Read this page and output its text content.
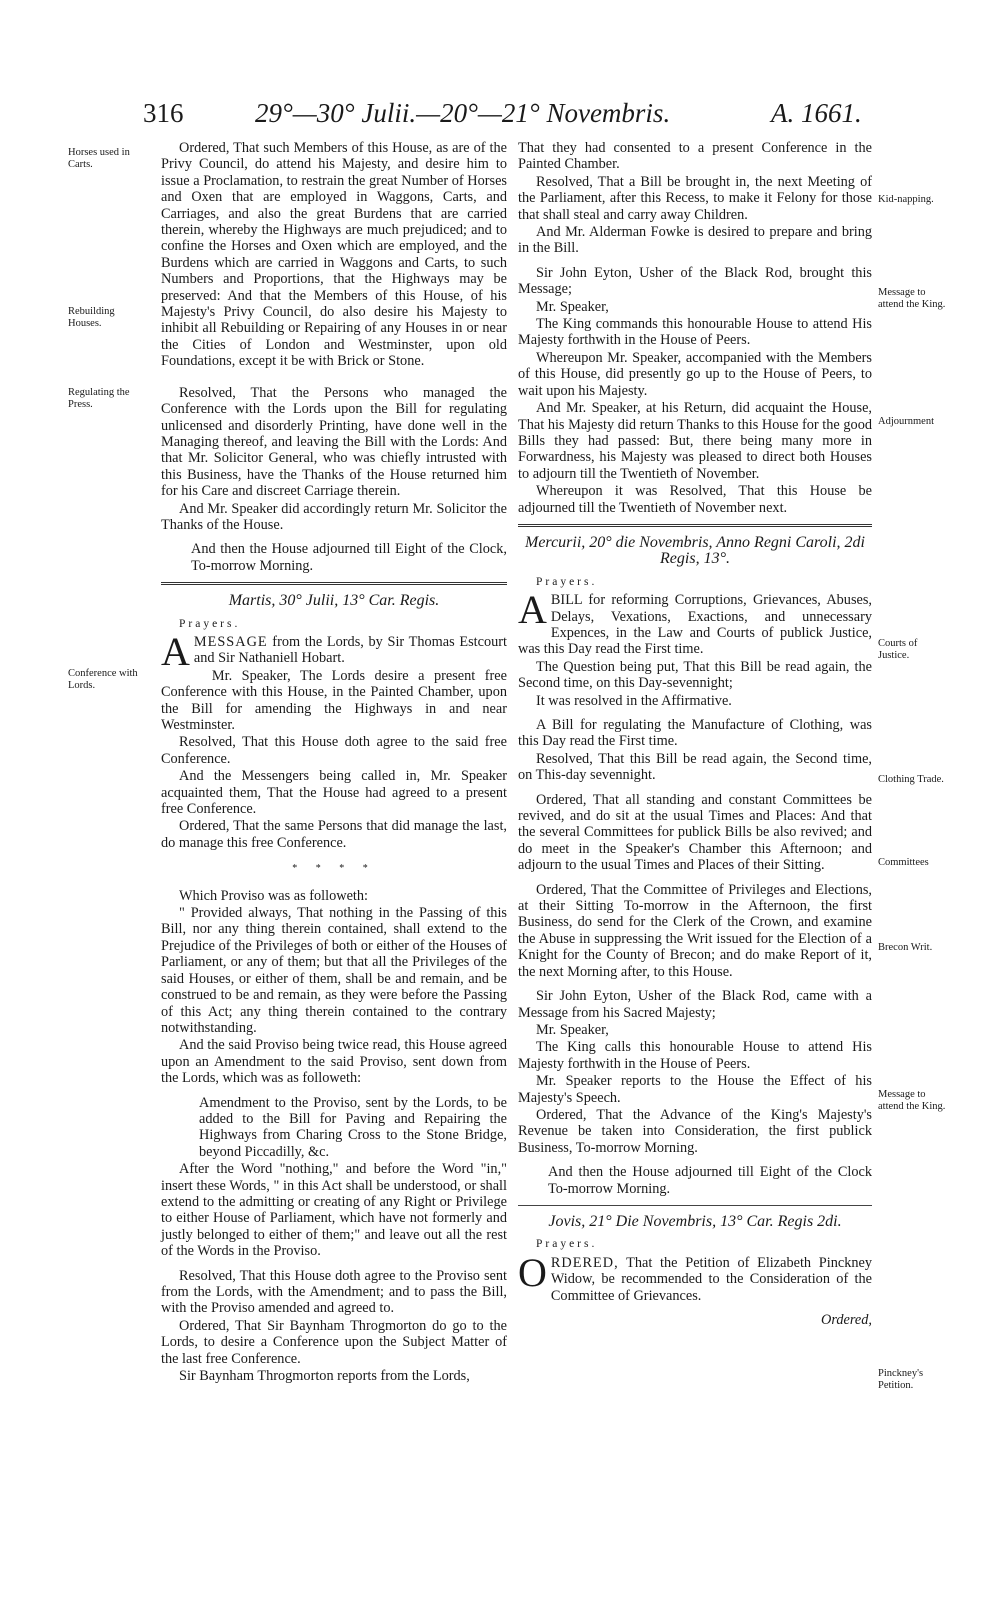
316	29°—30° Julii.—20°—21° Novembris.	A. 1661.
Horses used in Carts.
Rebuilding Houses.
Regulating the Press.
Conference with Lords.
Kid-napping.
Message to attend the King.
Adjournment
Courts of Justice.
Clothing Trade.
Committees
Brecon Writ.
Message to attend the King.
Pinckney's Petition.

Ordered, That such Members of this House, as are of the Privy Council, do attend his Majesty, and desire him to issue a Proclamation, to restrain the great Number of Horses and Oxen that are employed in Waggons, Carts, and Carriages, and also the great Burdens that are carried therein, whereby the Highways are much prejudiced; and to confine the Horses and Oxen which are employed, and the Burdens which are carried in Waggons and Carts, to such Numbers and Proportions, that the Highways may be preserved: And that the Members of this House, of his Majesty's Privy Council, do also desire his Majesty to inhibit all Rebuilding or Repairing of any Houses in or near the Cities of London and Westminster, upon old Foundations, except it be with Brick or Stone.

Resolved, That the Persons who managed the Conference with the Lords upon the Bill for regulating unlicensed and disorderly Printing, have done well in the Managing thereof, and leaving the Bill with the Lords: And that Mr. Solicitor General, who was chiefly intrusted with this Business, have the Thanks of the House returned him for his Care and discreet Carriage therein.

And Mr. Speaker did accordingly return Mr. Solicitor the Thanks of the House.

And then the House adjourned till Eight of the Clock, To-morrow Morning.

Martis, 30° Julii, 13° Car. Regis.

Prayers.

AMESSAGE from the Lords, by Sir Thomas Estcourt and Sir Nathaniell Hobart.

Mr. Speaker, The Lords desire a present free Conference with this House, in the Painted Chamber, upon the Bill for amending the Highways in and near Westminster.

Resolved, That this House doth agree to the said free Conference.

And the Messengers being called in, Mr. Speaker acquainted them, That the House had agreed to a present free Conference.

Ordered, That the same Persons that did manage the last, do manage this free Conference.

* * * *

Which Proviso was as followeth:

" Provided always, That nothing in the Passing of this Bill, nor any thing therein contained, shall extend to the Prejudice of the Privileges of both or either of the Houses of Parliament, or any of them; but that all the Privileges of the said Houses, or either of them, shall be and remain, and be construed to be and remain, as they were before the Passing of this Act; any thing therein contained to the contrary notwithstanding.

And the said Proviso being twice read, this House agreed upon an Amendment to the said Proviso, sent down from the Lords, which was as followeth:

Amendment to the Proviso, sent by the Lords, to be added to the Bill for Paving and Repairing the Highways from Charing Cross to the Stone Bridge, beyond Piccadilly, &c.

After the Word "nothing," and before the Word "in," insert these Words, " in this Act shall be understood, or shall extend to the admitting or creating of any Right or Privilege to either House of Parliament, which have not formerly and justly belonged to either of them;" and leave out all the rest of the Words in the Proviso.

Resolved, That this House doth agree to the Proviso sent from the Lords, with the Amendment; and to pass the Bill, with the Proviso amended and agreed to.

Ordered, That Sir Baynham Throgmorton do go to the Lords, to desire a Conference upon the Subject Matter of the last free Conference.

Sir Baynham Throgmorton reports from the Lords,

That they had consented to a present Conference in the Painted Chamber.

Resolved, That a Bill be brought in, the next Meeting of the Parliament, after this Recess, to make it Felony for those that shall steal and carry away Children.

And Mr. Alderman Fowke is desired to prepare and bring in the Bill.

Sir John Eyton, Usher of the Black Rod, brought this Message;

Mr. Speaker,

The King commands this honourable House to attend His Majesty forthwith in the House of Peers.

Whereupon Mr. Speaker, accompanied with the Members of this House, did presently go up to the House of Peers, to wait upon his Majesty.

And Mr. Speaker, at his Return, did acquaint the House, That his Majesty did return Thanks to this House for the good Bills they had passed: But, there being many more in Forwardness, his Majesty was pleased to direct both Houses to adjourn till the Twentieth of November.

Whereupon it was Resolved, That this House be adjourned till the Twentieth of November next.

Mercurii, 20° die Novembris, Anno Regni Caroli, 2di Regis, 13°.

Prayers.

A BILL for reforming Corruptions, Grievances, Abuses, Delays, Vexations, Exactions, and unnecessary Expences, in the Law and Courts of publick Justice, was this Day read the First time.

The Question being put, That this Bill be read again, the Second time, on this Day-sevennight;

It was resolved in the Affirmative.

A Bill for regulating the Manufacture of Clothing, was this Day read the First time.

Resolved, That this Bill be read again, the Second time, on This-day sevennight.

Ordered, That all standing and constant Committees be revived, and do sit at the usual Times and Places: And that the several Committees for publick Bills be also revived; and do meet in the Speaker's Chamber this Afternoon; and adjourn to the usual Times and Places of their Sitting.

Ordered, That the Committee of Privileges and Elections, at their Sitting To-morrow in the Afternoon, the first Business, do send for the Clerk of the Crown, and examine the Abuse in suppressing the Writ issued for the Election of a Knight for the County of Brecon; and do make Report of it, the next Morning after, to this House.

Sir John Eyton, Usher of the Black Rod, came with a Message from his Sacred Majesty;

Mr. Speaker,

The King calls this honourable House to attend His Majesty forthwith in the House of Peers.

Mr. Speaker reports to the House the Effect of his Majesty's Speech.

Ordered, That the Advance of the King's Majesty's Revenue be taken into Consideration, the first publick Business, To-morrow Morning.

And then the House adjourned till Eight of the Clock To-morrow Morning.

Jovis, 21° Die Novembris, 13° Car. Regis 2di.

Prayers.

ORDERED, That the Petition of Elizabeth Pinckney Widow, be recommended to the Consideration of the Committee of Grievances.

Ordered,
